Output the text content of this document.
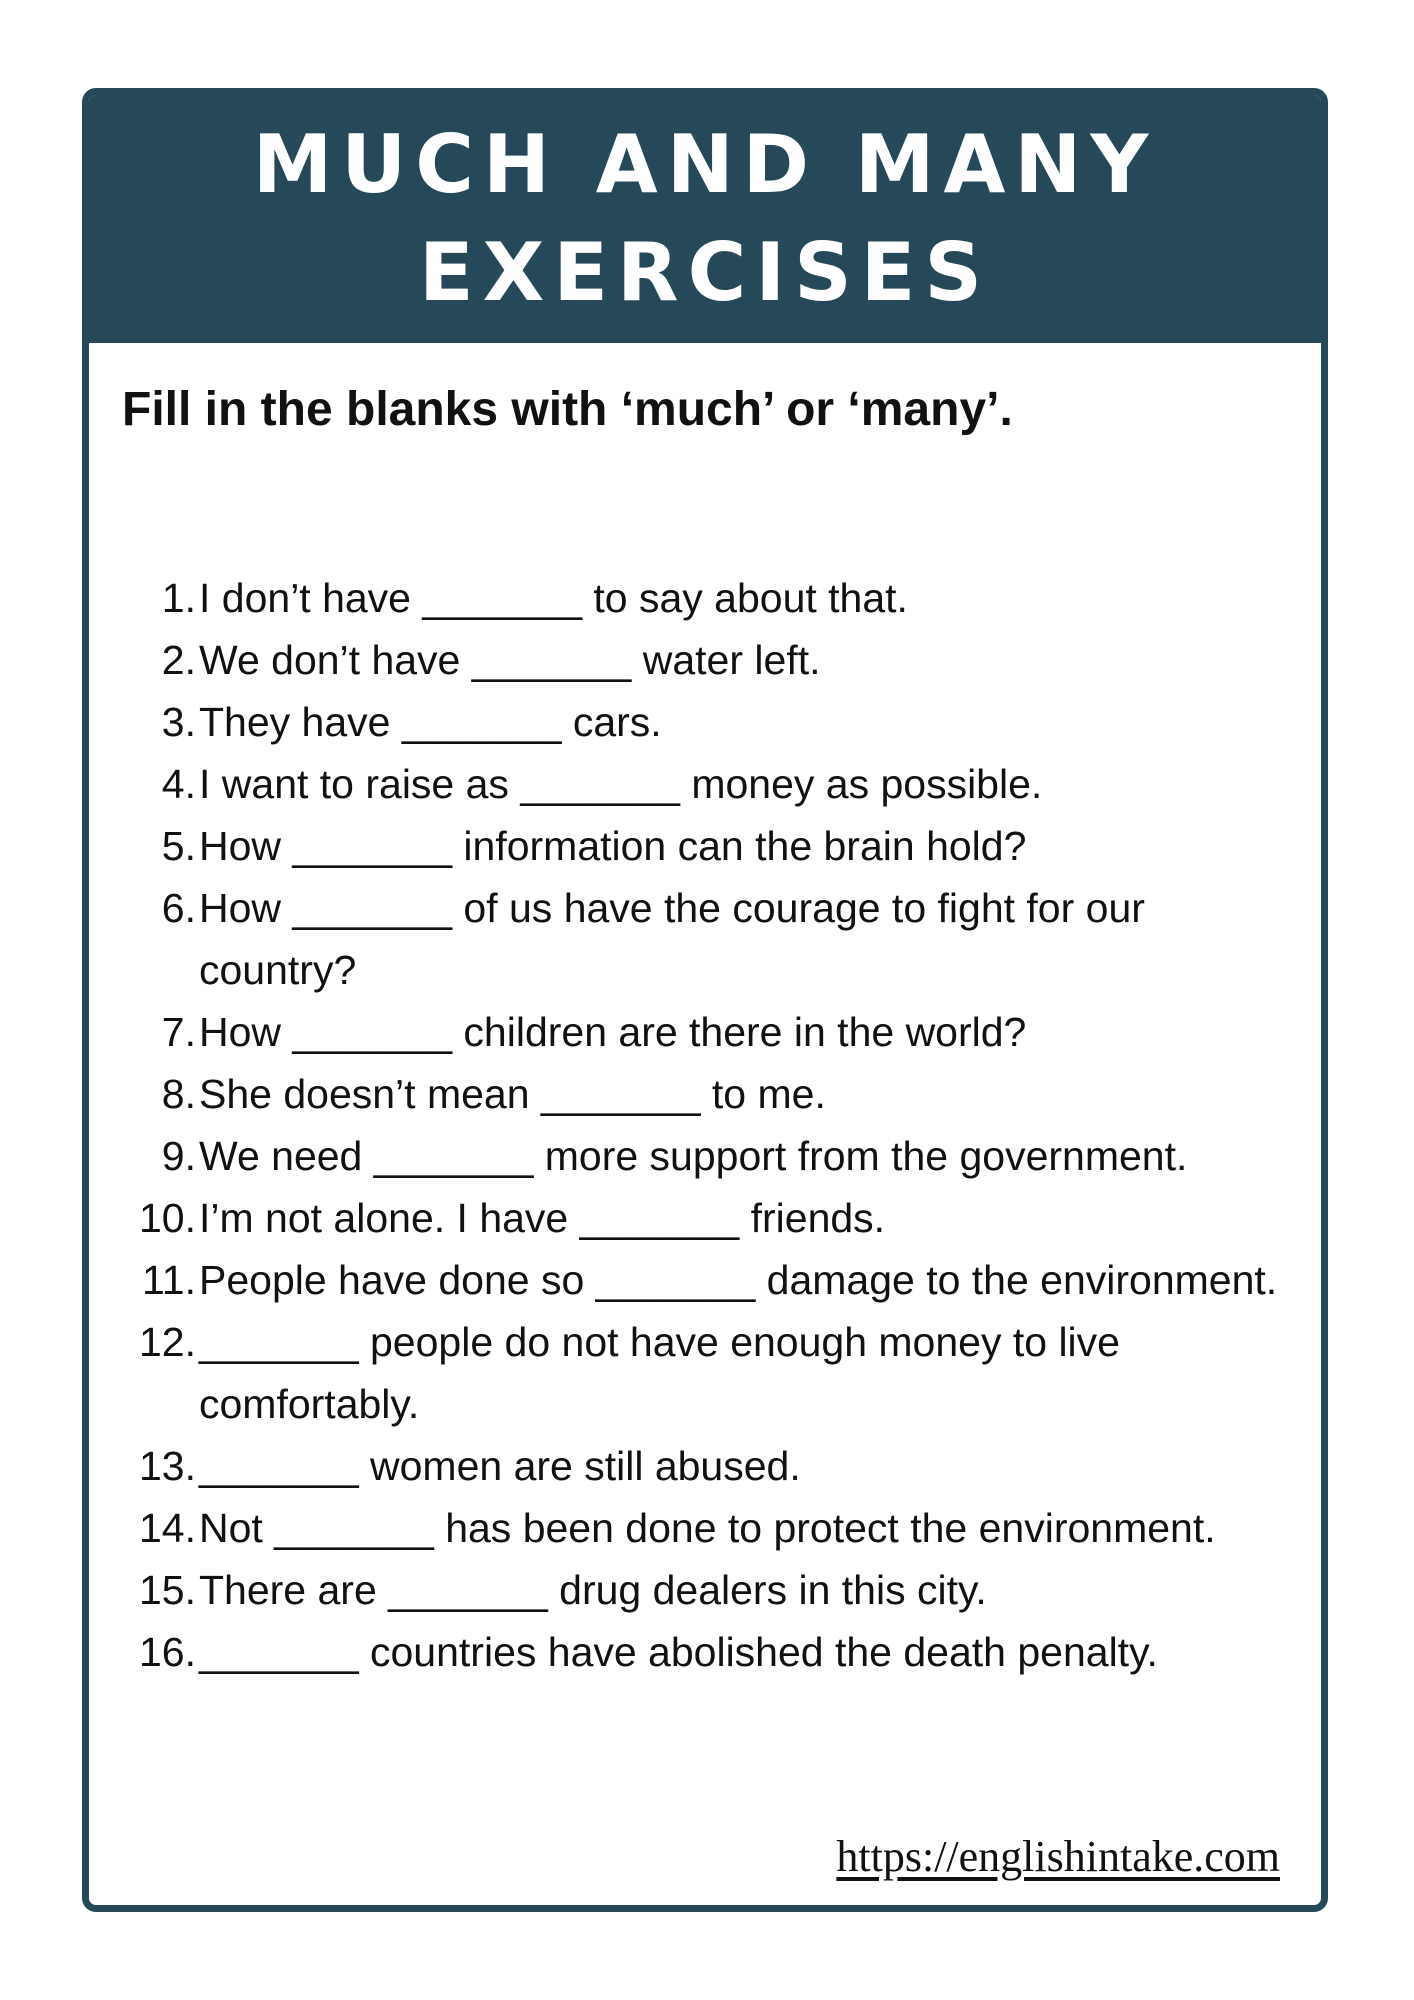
MUCH AND MANY
EXERCISES
Fill in the blanks with ‘much’ or ‘many’.
1. I don’t have _______ to say about that.
2. We don’t have _______ water left.
3. They have _______ cars.
4. I want to raise as _______ money as possible.
5. How _______ information can the brain hold?
6. How _______ of us have the courage to fight for our country?
7. How _______ children are there in the world?
8. She doesn’t mean _______ to me.
9. We need _______ more support from the government.
10. I’m not alone. I have _______ friends.
11. People have done so _______ damage to the environment.
12. _______ people do not have enough money to live comfortably.
13. _______ women are still abused.
14. Not _______ has been done to protect the environment.
15. There are _______ drug dealers in this city.
16. _______ countries have abolished the death penalty.
https://englishintake.com
